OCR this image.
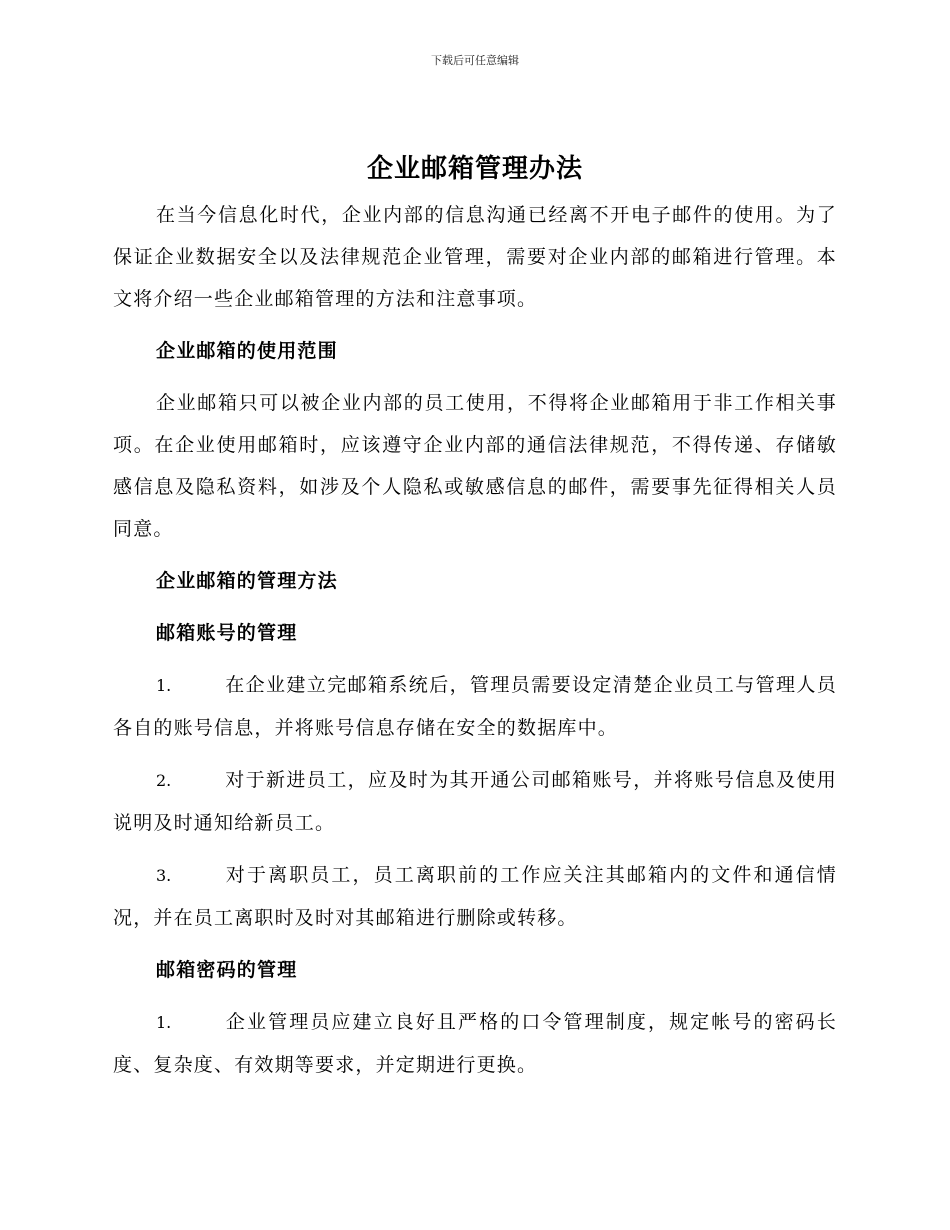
下载后可任意编辑
企业邮箱管理办法

在当今信息化时代，企业内部的信息沟通已经离不开电子邮件的使用。为了保证企业数据安全以及法律规范企业管理，需要对企业内部的邮箱进行管理。本文将介绍一些企业邮箱管理的方法和注意事项。

企业邮箱的使用范围

企业邮箱只可以被企业内部的员工使用，不得将企业邮箱用于非工作相关事项。在企业使用邮箱时，应该遵守企业内部的通信法律规范，不得传递、存储敏感信息及隐私资料，如涉及个人隐私或敏感信息的邮件，需要事先征得相关人员同意。

企业邮箱的管理方法

邮箱账号的管理

1.	在企业建立完邮箱系统后，管理员需要设定清楚企业员工与管理人员各自的账号信息，并将账号信息存储在安全的数据库中。

2.	对于新进员工，应及时为其开通公司邮箱账号，并将账号信息及使用说明及时通知给新员工。

3.	对于离职员工，员工离职前的工作应关注其邮箱内的文件和通信情况，并在员工离职时及时对其邮箱进行删除或转移。

邮箱密码的管理

1.	企业管理员应建立良好且严格的口令管理制度，规定帐号的密码长度、复杂度、有效期等要求，并定期进行更换。
